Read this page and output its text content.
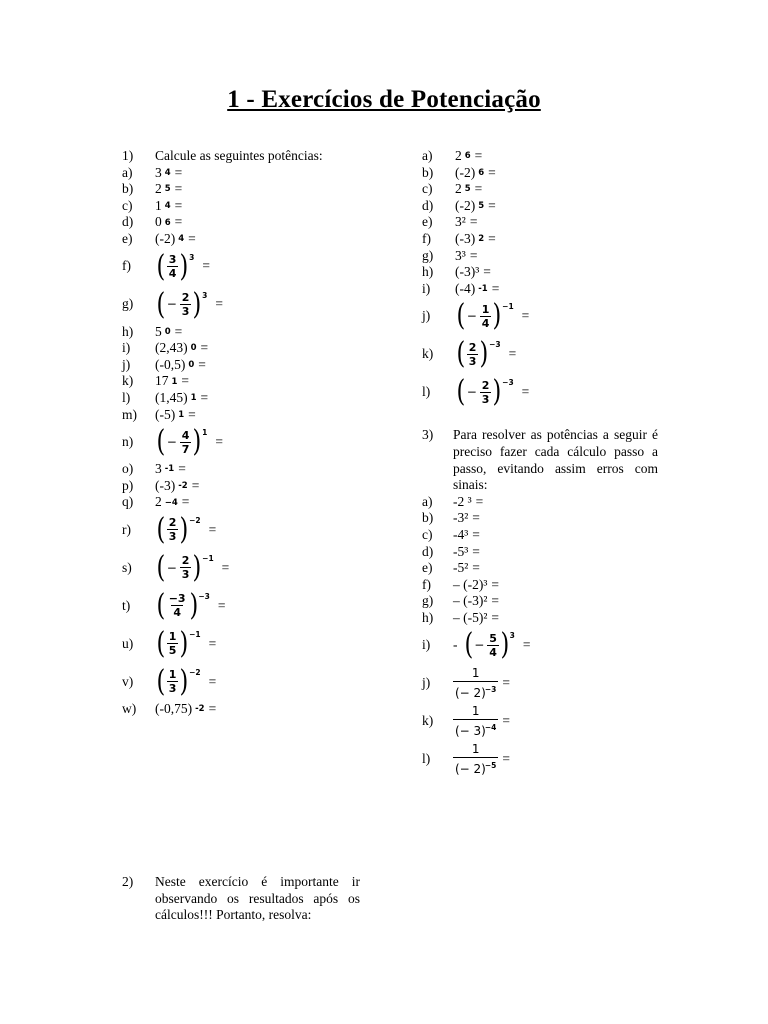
1 - Exercícios de Potenciação
1)	Calcule as seguintes potências:
a)	3 4 =
b)	2 5 =
c)	1 4 =
d)	0 6 =
e)	(-2) 4 =
f) ( $\frac{3}{4}$ ) 3
=
g) ( − $\frac{2}{3}$ ) 3
=
h)	5 0 =
i)	(2,43) 0 =
j)	(-0,5) 0 =
k)	17 1 =
l)	(1,45) 1 =
m)	(-5) 1 =
n) ( − $\frac{4}{7}$ ) 1
=
o)	3 -1 =
p)	(-3) -2 =
q)	2 −4 =
r) ( $\frac{2}{3}$ ) −2
=
s) ( − $\frac{2}{3}$ ) −1
=
t) ( $\frac{-3}{4}$ ) −3
=
u) ( $\frac{1}{5}$ ) −1
=
v) ( $\frac{1}{3}$ ) −2
=
w)	(-0,75) -2 =
2)	Neste exercício é importante ir observando os resultados após os cálculos!!! Portanto, resolva:
a)	2 6 =
b)	(-2) 6 =
c)	2 5 =
d)	(-2) 5 =
e)	3² =
f)	(-3) 2 =
g)	3³ =
h)	(-3)³ =
i)	(-4) -1 =
j) ( − $\frac{1}{4}$ ) −1
=
k) ( $\frac{2}{3}$ ) −3
=
l) ( − $\frac{2}{3}$ ) −3
=
3)	Para resolver as potências a seguir é preciso fazer cada cálculo passo a passo, evitando assim erros com sinais:
a)	-2 ³ =
b)	-3² =
c)	-4³ =
d)	-5³ =
e)	-5² =
f)	– (-2)³ =
g)	– (-3)² =
h)	– (-5)² =
i)	- ( − $\frac{5}{4}$ ) 3
=
j)	$\frac{1}{(- 2)^{-3}}$ =
k)	$\frac{1}{(- 3)^{-4}}$ =
l)	$\frac{1}{(- 2)^{-5}}$ =
